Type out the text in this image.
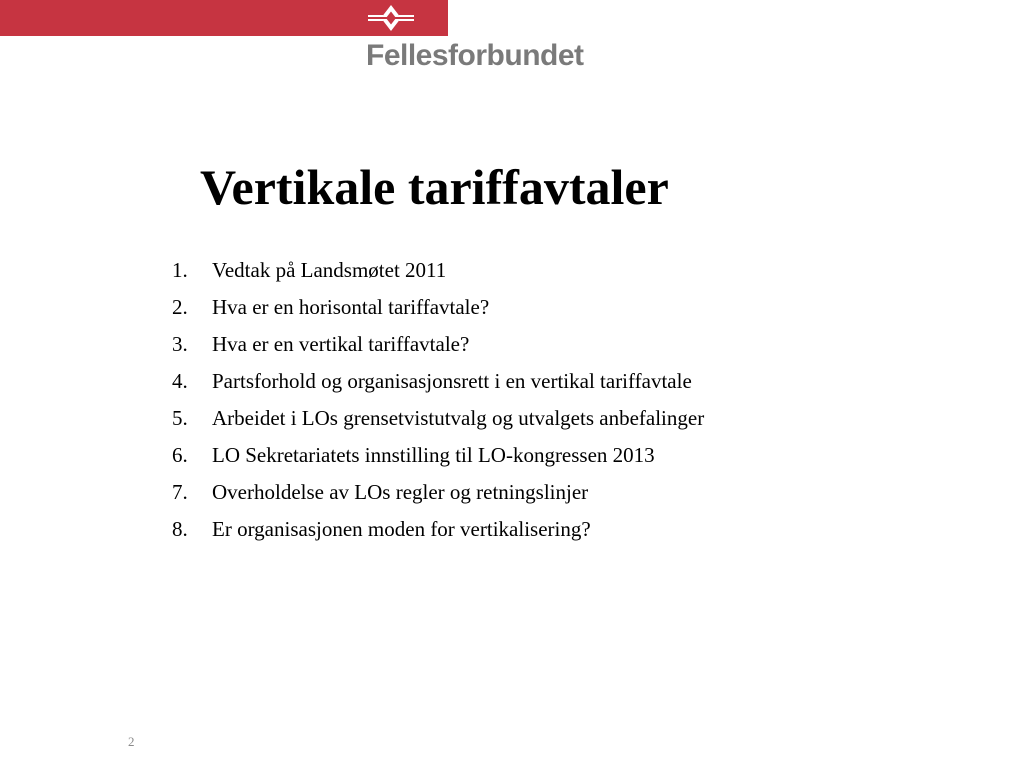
Fellesforbundet
Vertikale tariffavtaler
1.	Vedtak på Landsmøtet 2011
2.	Hva er en horisontal tariffavtale?
3.	Hva er en vertikal tariffavtale?
4.	Partsforhold og organisasjonsrett i en vertikal tariffavtale
5.	Arbeidet i LOs grensetvistutvalg og utvalgets anbefalinger
6.	LO Sekretariatets innstilling til LO-kongressen 2013
7.	Overholdelse av LOs regler og retningslinjer
8.	Er organisasjonen moden for vertikalisering?
2
